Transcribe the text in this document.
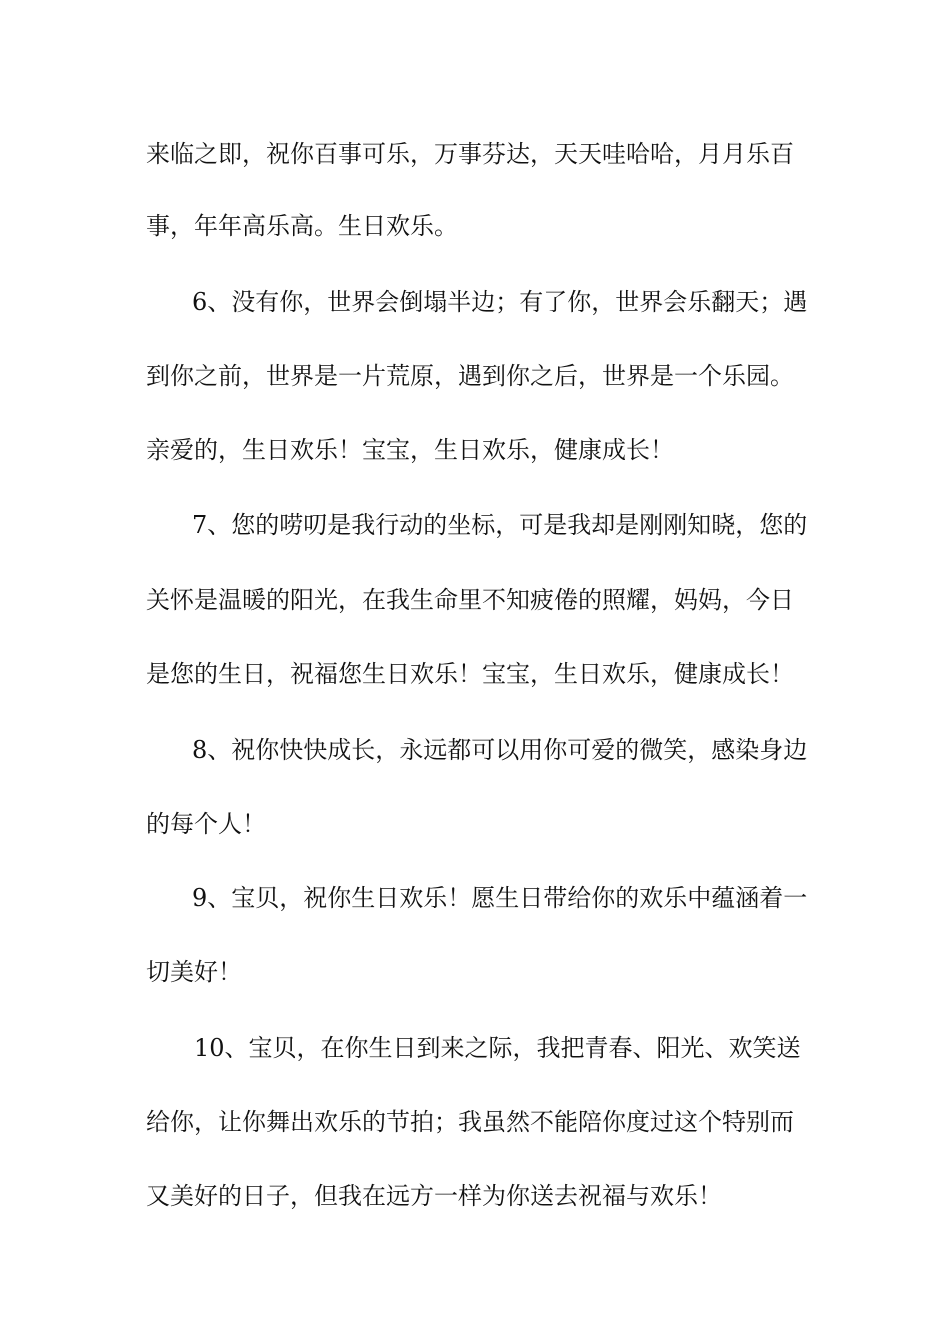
来临之即，祝你百事可乐，万事芬达，天天哇哈哈，月月乐百
事，年年高乐高。生日欢乐。
6、没有你，世界会倒塌半边；有了你，世界会乐翻天；遇
到你之前，世界是一片荒原，遇到你之后，世界是一个乐园。
亲爱的，生日欢乐！宝宝，生日欢乐，健康成长！
7、您的唠叨是我行动的坐标，可是我却是刚刚知晓，您的
关怀是温暖的阳光，在我生命里不知疲倦的照耀，妈妈，今日
是您的生日，祝福您生日欢乐！宝宝，生日欢乐，健康成长！
8、祝你快快成长，永远都可以用你可爱的微笑，感染身边
的每个人！
9、宝贝，祝你生日欢乐！愿生日带给你的欢乐中蕴涵着一
切美好！
10、宝贝，在你生日到来之际，我把青春、阳光、欢笑送
给你，让你舞出欢乐的节拍；我虽然不能陪你度过这个特别而
又美好的日子，但我在远方一样为你送去祝福与欢乐！
